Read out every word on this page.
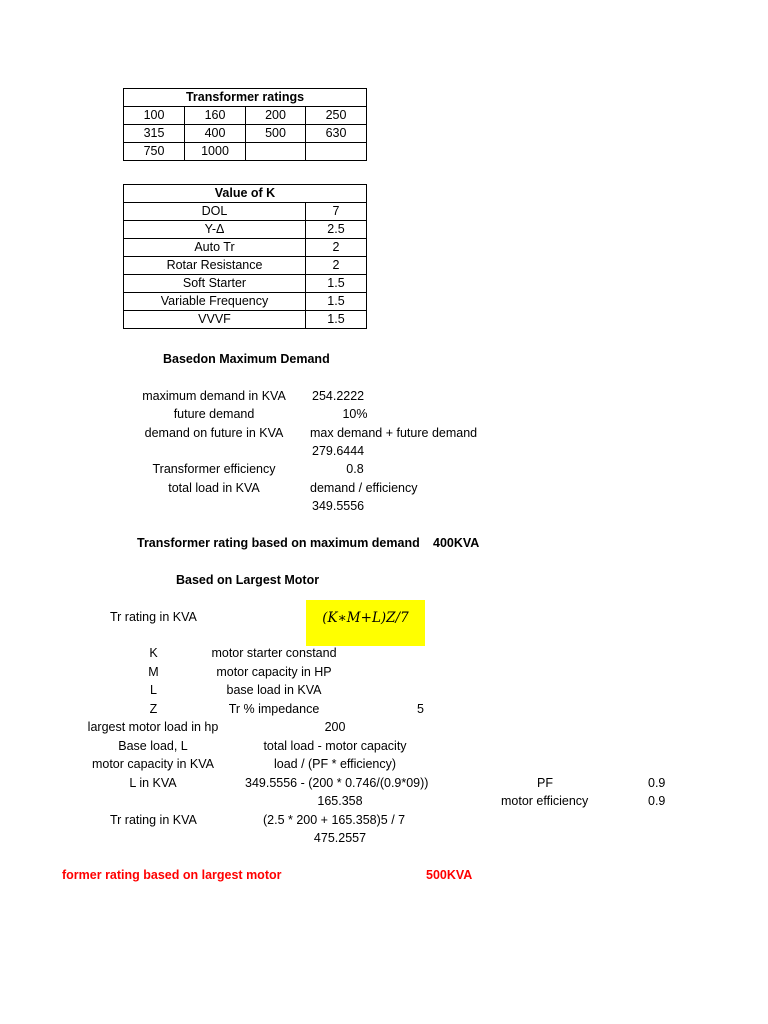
Transformer ratings			
100	160	200	250
315	400	500	630
750	1000		
Value of K	
DOL	7
Y-Δ	2.5
Auto Tr	2
Rotar Resistance	2
Soft Starter	1.5
Variable Frequency	1.5
VVVF	1.5
Basedon Maximum Demand
maximum demand in KVA	254.2222
future demand	10%
demand on future in KVA	max demand + future demand
279.6444
Transformer efficiency	0.8
total load in KVA	demand / efficiency
349.5556
Transformer rating based on maximum demand 400KVA
Based on Largest Motor
Tr rating in KVA	(K∗M+L)Z/7
K	motor starter constand
M	motor capacity in HP
L	base load in KVA
Z	Tr % impedance	5
largest motor load in hp	200
Base load, L	total load - motor capacity
motor capacity in KVA	load / (PF * efficiency)
L in KVA	349.5556 - (200 * 0.746/(0.9*09))	PF	0.9
165.358	motor efficiency	0.9
Tr rating in KVA	(2.5 * 200 + 165.358)5 / 7
475.2557
former rating based on largest motor	500KVA
